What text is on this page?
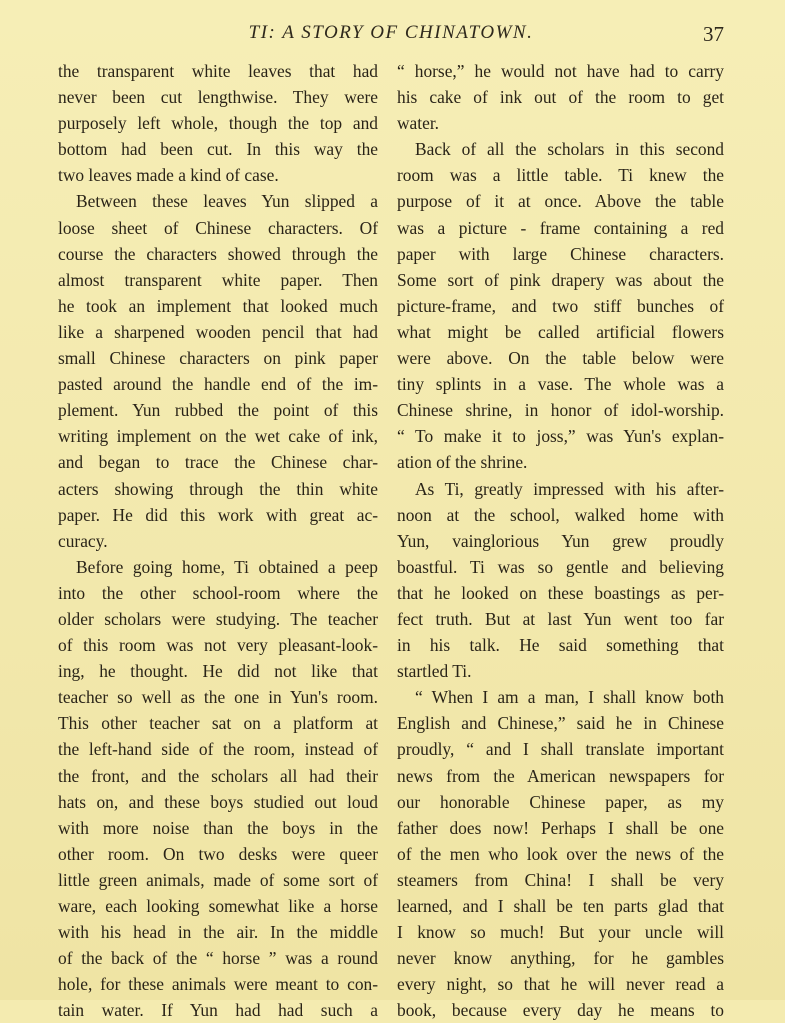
TI: A STORY OF CHINATOWN.	37
the transparent white leaves that had
never been cut lengthwise. They were
purposely left whole, though the top and
bottom had been cut. In this way the
two leaves made a kind of case.
Between these leaves Yun slipped a
loose sheet of Chinese characters. Of
course the characters showed through the
almost transparent white paper. Then
he took an implement that looked much
like a sharpened wooden pencil that had
small Chinese characters on pink paper
pasted around the handle end of the im-
plement. Yun rubbed the point of this
writing implement on the wet cake of ink,
and began to trace the Chinese char-
acters showing through the thin white
paper. He did this work with great ac-
curacy.
Before going home, Ti obtained a peep
into the other school-room where the
older scholars were studying. The teacher
of this room was not very pleasant-look-
ing, he thought. He did not like that
teacher so well as the one in Yun's room.
This other teacher sat on a platform at
the left-hand side of the room, instead of
the front, and the scholars all had their
hats on, and these boys studied out loud
with more noise than the boys in the
other room. On two desks were queer
little green animals, made of some sort of
ware, each looking somewhat like a horse
with his head in the air. In the middle
of the back of the “ horse ” was a round
hole, for these animals were meant to con-
tain water. If Yun had had such a
“ horse,” he would not have had to carry
his cake of ink out of the room to get
water.
Back of all the scholars in this second
room was a little table. Ti knew the
purpose of it at once. Above the table
was a picture - frame containing a red
paper with large Chinese characters.
Some sort of pink drapery was about the
picture-frame, and two stiff bunches of
what might be called artificial flowers
were above. On the table below were
tiny splints in a vase. The whole was a
Chinese shrine, in honor of idol-worship.
“ To make it to joss,” was Yun's explan-
ation of the shrine.
As Ti, greatly impressed with his after-
noon at the school, walked home with
Yun, vainglorious Yun grew proudly
boastful. Ti was so gentle and believing
that he looked on these boastings as per-
fect truth. But at last Yun went too far
in his talk. He said something that
startled Ti.
“ When I am a man, I shall know both
English and Chinese,” said he in Chinese
proudly, “ and I shall translate important
news from the American newspapers for
our honorable Chinese paper, as my
father does now! Perhaps I shall be one
of the men who look over the news of the
steamers from China! I shall be very
learned, and I shall be ten parts glad that
I know so much! But your uncle will
never know anything, for he gambles
every night, so that he will never read a
book, because every day he means to
